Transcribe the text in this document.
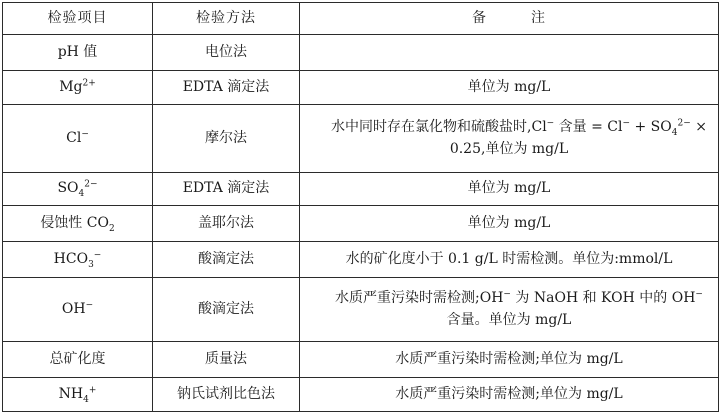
检验项目	检验方法	备 注
pH 值	电位法	
$Mg^{2+}$	EDTA 滴定法	单位为 mg/L
Cl−	摩尔法	水中同时存在氯化物和硫酸盐时,Cl− 含量 = $Cl^- + SO_4^{2-} \times 0.25$,单位为 mg/L
$SO_4^{2-}$	EDTA 滴定法	单位为 mg/L
侵蚀性 $CO_2$	盖耶尔法	单位为 mg/L
$HCO_3^-$	酸滴定法	水的矿化度小于 0.1 g/L 时需检测。单位为:mmol/L
OH−	酸滴定法	水质严重污染时需检测;OH− 为 NaOH 和 KOH 中的 OH− 含量。单位为 mg/L
总矿化度	质量法	水质严重污染时需检测;单位为 mg/L
$NH_4^+$	钠氏试剂比色法	水质严重污染时需检测;单位为 mg/L
